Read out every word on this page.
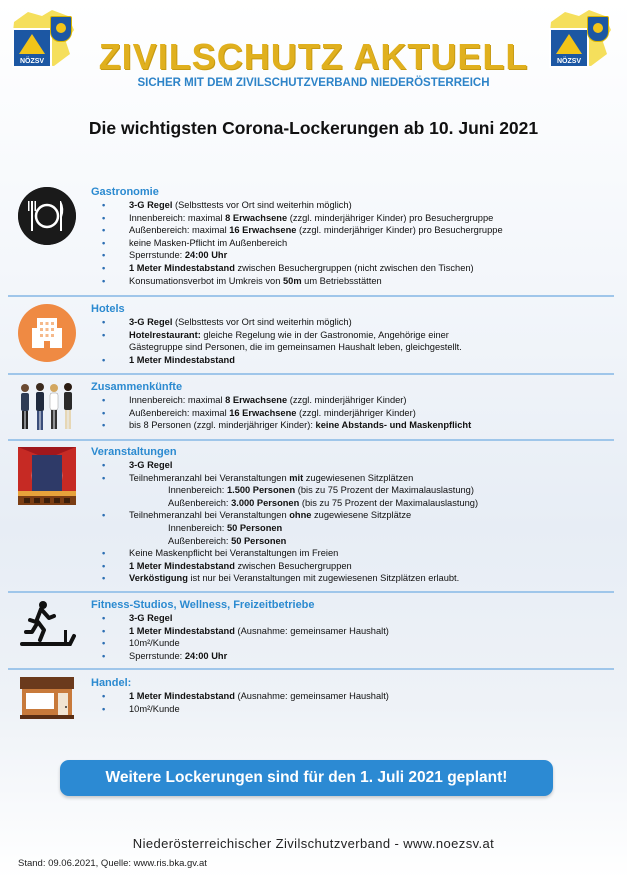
NÖZSV	NÖZSV
ZIVILSCHUTZ AKTUELL
SICHER MIT DEM ZIVILSCHUTZVERBAND NIEDERÖSTERREICH
Die wichtigsten Corona-Lockerungen ab 10. Juni 2021
Gastronomie
• 3-G Regel (Selbsttests vor Ort sind weiterhin möglich)
• Innenbereich: maximal 8 Erwachsene (zzgl. minderjähriger Kinder) pro Besuchergruppe
• Außenbereich: maximal 16 Erwachsene (zzgl. minderjähriger Kinder) pro Besuchergruppe
• keine Masken-Pflicht im Außenbereich
• Sperrstunde: 24:00 Uhr
• 1 Meter Mindestabstand zwischen Besuchergruppen (nicht zwischen den Tischen)
• Konsumationsverbot im Umkreis von 50m um Betriebsstätten
Hotels
• 3-G Regel (Selbsttests vor Ort sind weiterhin möglich)
• Hotelrestaurant: gleiche Regelung wie in der Gastronomie, Angehörige einer
Gästegruppe sind Personen, die im gemeinsamen Haushalt leben, gleichgestellt.
• 1 Meter Mindestabstand
Zusammenkünfte
• Innenbereich: maximal 8 Erwachsene (zzgl. minderjähriger Kinder)
• Außenbereich: maximal 16 Erwachsene (zzgl. minderjähriger Kinder)
• bis 8 Personen (zzgl. minderjähriger Kinder): keine Abstands- und Maskenpflicht
Veranstaltungen
• 3-G Regel
• Teilnehmeranzahl bei Veranstaltungen mit zugewiesenen Sitzplätzen
Innenbereich: 1.500 Personen (bis zu 75 Prozent der Maximalauslastung)
Außenbereich: 3.000 Personen (bis zu 75 Prozent der Maximalauslastung)
• Teilnehmeranzahl bei Veranstaltungen ohne zugewiesene Sitzplätze
Innenbereich: 50 Personen
Außenbereich: 50 Personen
• Keine Maskenpflicht bei Veranstaltungen im Freien
• 1 Meter Mindestabstand zwischen Besuchergruppen
• Verköstigung ist nur bei Veranstaltungen mit zugewiesenen Sitzplätzen erlaubt.
Fitness-Studios, Wellness, Freizeitbetriebe
• 3-G Regel
• 1 Meter Mindestabstand (Ausnahme: gemeinsamer Haushalt)
• 10m²/Kunde
• Sperrstunde: 24:00 Uhr
Handel:
• 1 Meter Mindestabstand (Ausnahme: gemeinsamer Haushalt)
• 10m²/Kunde
Weitere Lockerungen sind für den 1. Juli 2021 geplant!
Niederösterreichischer Zivilschutzverband - www.noezsv.at
Stand: 09.06.2021, Quelle: www.ris.bka.gv.at
